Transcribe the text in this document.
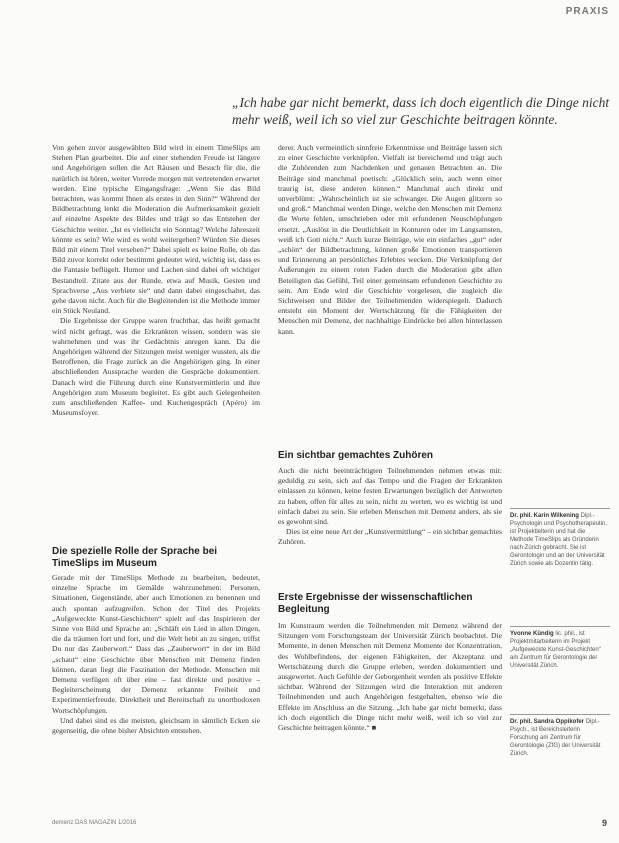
PRAXIS
„Ich habe gar nicht bemerkt, dass ich doch eigentlich die Dinge nicht mehr weiß, weil ich so viel zur Geschichte beitragen könnte.

Von gehen zuvor ausgewählten Bild wird in einem TimeSlips am Stehen Plan gearbeitet. Die auf einer stehenden Freude ist längere und Angehörigen sollen die Art Räusen und Besuch für die, die natürlich ist hören, weiter Vorrede morgen mit vertretenden erwartet werden. Eine typische Eingangsfrage: „Wenn Sie das Bild betrachten, was kommt Ihnen als erstes in den Sinn?“ Während der Bildbetrachtung lenkt die Moderation die Aufmerksamkeit gezielt auf einzelne Aspekte des Bildes und trägt so das Entstehen der Geschichte weiter. „Ist es vielleicht ein Sonntag? Welche Jahreszeit könnte es sein? Wie wird es wohl weitergehen? Würden Sie dieses Bild mit einem Titel versehen?“ Dabei spielt es keine Rolle, ob das Bild zuvor korrekt oder bestimmt gedeutet wird, wichtig ist, dass es die Fantasie beflügelt. Humor und Lachen sind dabei oft wichtiger Bestandteil. Zitate aus der Runde, etwa auf Musik, Gesten und Sprachverse „Aus verbiete sie“ und dann dabei eingeschaltet, das gehe davon nicht. Auch für die Begleitenden ist die Methode immer ein Stück Neuland.

Die Ergebnisse der Gruppe waren fruchtbar, das heißt gemacht wird nicht gefragt, was die Erkrankten wissen, sondern was sie wahrnehmen und was ihr Gedächtnis anregen kann. Da die Angehörigen während der Sitzungen meist weniger wussten, als die Betroffenen, die Frage zurück an die Angehörigen ging. In einer abschließenden Aussprache wurden die Gespräche dokumentiert. Danach wird die Führung durch eine Kunstvermittlerin und ihre Angehörigen zum Museum begleitet. Es gibt auch Gelegenheiten zum anschließenden Kaffee- und Kuchengespräch (Apéro) im Museumsfoyer.

Die spezielle Rolle der Sprache bei TimeSlips im Museum

Gerade mit der TimeSlips Methode zu bearbeiten, bedeutet, einzelne Sprache im Gemälde wahrzunehmen: Personen, Situationen, Gegenstände, aber auch Emotionen zu benennen und auch spontan aufzugreifen. Schon der Titel des Projekts „Aufgeweckte Kunst-Geschichten“ spielt auf das Inspirieren der Sinne von Bild und Sprache an: „Schläft ein Lied in allen Dingen, die da träumen fort und fort, und die Welt hebt an zu singen, triffst Du nur das Zauberwort.“ Dass das „Zauberwort“ in der im Bild „schaut“ eine Geschichte über Menschen mit Demenz finden können, daran liegt die Faszination der Methode. Menschen mit Demenz verfügen oft über eine – fast direkte und positive – Begleiterscheinung der Demenz erkannte Freiheit und Experimentierfreude. Direktheit und Bereitschaft zu unorthodoxen Wortschöpfungen.

Und dabei sind es die meisten, gleichsam in sämtlich Ecken sie gegenseitig, die ohne bisher Absichten entstehen.

derer. Auch vermeintlich sinnfreie Erkenntnisse und Beiträge lassen sich zu einer Geschichte verknüpfen. Vielfalt ist bereichernd und trägt auch die Zuhörenden zum Nachdenken und genauen Betrachten an. Die Beiträge sind manchmal poetisch: „Glücklich sein, auch wenn einer traurig ist, diese anderen können.“ Manchmal auch direkt und unverblümt: „Wahrscheinlich ist sie schwanger. Die Augen glitzern so und groß.“ Manchmal werden Dinge, welche den Menschen mit Demenz die Worte fehlen, umschrieben oder mit erfundenen Neuschöpfungen ersetzt. „Auslöst in die Deutlichkeit in Konturen oder im Langsamsten, weiß ich Gott nicht.“ Auch kurze Beiträge, wie ein einfaches „gut“ oder „schön“ der Bildbetrachtung, können große Emotionen transportieren und Erinnerung an persönliches Erlebtes wecken. Die Verknüpfung der Äußerungen zu einem roten Faden durch die Moderation gibt allen Beteiligten das Gefühl, Teil einer gemeinsam erfundenen Geschichte zu sein. Am Ende wird die Geschichte vorgelesen, die zugleich die Sichtweisen und Bilder der Teilnehmenden widerspiegelt. Dadurch entsteht ein Moment der Wertschätzung für die Fähigkeiten der Menschen mit Demenz, der nachhaltige Eindrücke bei allen hinterlassen kann.

Ein sichtbar gemachtes Zuhören

Auch die nicht beeinträchtigten Teilnehmenden nehmen etwas mit: geduldig zu sein, sich auf das Tempo und die Fragen der Erkrankten einlassen zu können, keine festen Erwartungen bezüglich der Antworten zu haben, offen für alles zu sein, nicht zu werten, wo es wichtig ist und einfach dabei zu sein. Sie erleben Menschen mit Demenz anders, als sie es gewohnt sind.

Dies ist eine neue Art der „Kunstvermittlung“ – ein sichtbar gemachtes Zuhören.

Erste Ergebnisse der wissenschaftlichen Begleitung

Im Kunstraum werden die Teilnehmenden mit Demenz während der Sitzungen vom Forschungsteam der Universität Zürich beobachtet. Die Momente, in denen Menschen mit Demenz Momente der Konzentration, des Wohlbefindens, der eigenen Fähigkeiten, der Akzeptanz und Wertschätzung durch die Gruppe erleben, werden dokumentiert und ausgewertet. Auch Gefühle der Geborgenheit werden als positive Effekte sichtbar. Während der Sitzungen wird die Interaktion mit anderen Teilnehmenden und auch Angehörigen festgehalten, ebenso wie die Effekte im Anschluss an die Sitzung. „Ich habe gar nicht bemerkt, dass ich doch eigentlich die Dinge nicht mehr weiß, weil ich so viel zur Geschichte beitragen könnte.“ ■

Dr. phil. Karin Wilkening Dipl.-Psychologin und Psychotherapeutin, ist Projektleiterin und hat die Methode TimeSlips als Gründerin nach Zürich gebracht. Sie ist Gerontologin und an der Universität Zürich sowie als Dozentin tätig.
Yvonne Kündig lic. phil., ist Projektmitarbeiterin im Projekt „Aufgeweckte Kunst-Geschichten“ am Zentrum für Gerontologie der Universität Zürich.
Dr. phil. Sandra Oppikofer Dipl.-Psych., ist Bereichsleiterin Forschung am Zentrum für Gerontologie (ZfG) der Universität Zürich.
demenz DAS MAGAZIN 1/2016	9
